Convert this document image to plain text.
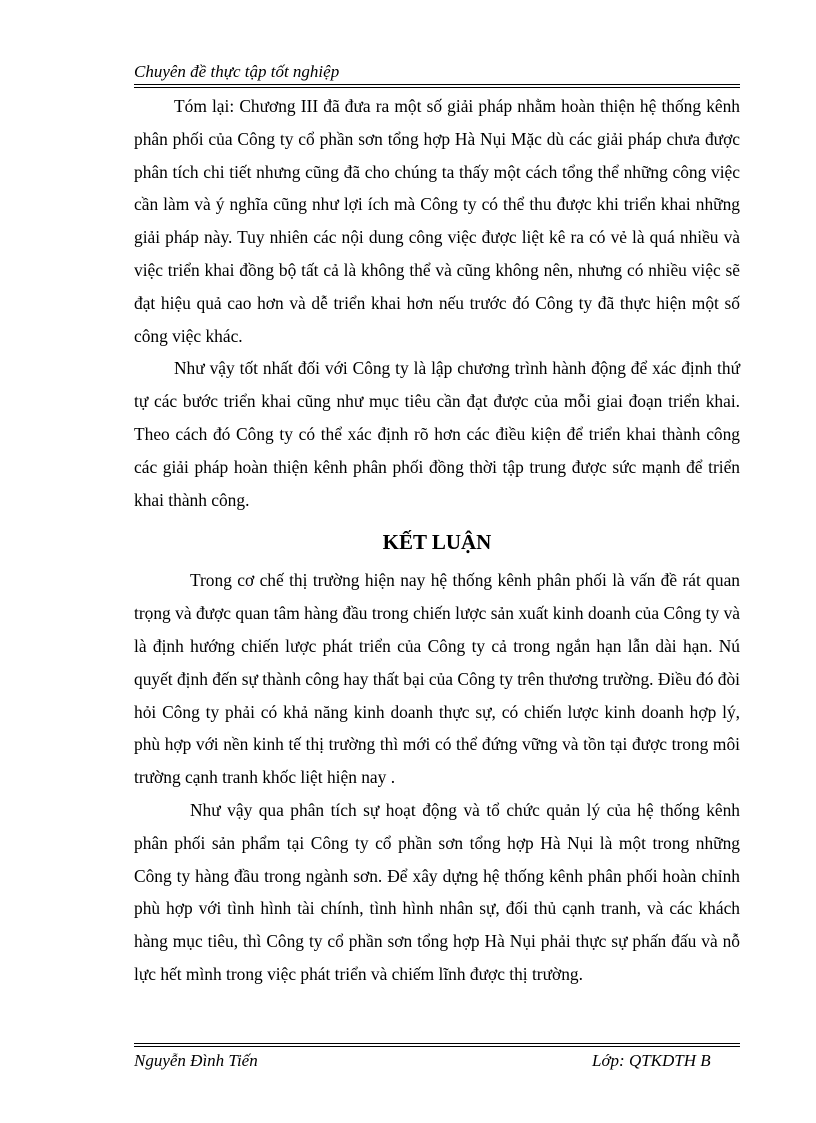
Chuyên đề thực tập tốt nghiệp

Tóm lại: Chương III đã đưa ra một số giải pháp nhằm hoàn thiện hệ thống kênh phân phối của Công ty cổ phần sơn tổng hợp Hà Nụi Mặc dù các giải pháp chưa được phân tích chi tiết nhưng cũng đã cho chúng ta thấy một cách tổng thể những công việc cần làm và ý nghĩa cũng như lợi ích mà Công ty có thể thu được khi triển khai những giải pháp này. Tuy nhiên các nội dung công việc được liệt kê ra có vẻ là quá nhiều và việc triển khai đồng bộ tất cả là không thể và cũng không nên, nhưng có nhiều việc sẽ đạt hiệu quả cao hơn và dễ triển khai hơn nếu trước đó Công ty đã thực hiện một số công việc khác.

Như vậy tốt nhất đối với Công ty là lập chương trình hành động để xác định thứ tự các bước triển khai cũng như mục tiêu cần đạt được của mỗi giai đoạn triển khai. Theo cách đó Công ty có thể xác định rõ hơn các điều kiện để triển khai thành công các giải pháp hoàn thiện kênh phân phối đồng thời tập trung được sức mạnh để triển khai thành công.

KẾT LUẬN

Trong cơ chế thị trường hiện nay hệ thống kênh phân phối là vấn đề rát quan trọng và được quan tâm hàng đầu trong chiến lược sản xuất kinh doanh của Công ty và là định hướng chiến lược phát triển của Công ty cả trong ngắn hạn lẫn dài hạn. Nú quyết định đến sự thành công hay thất bại của Công ty trên thương trường. Điều đó đòi hỏi Công ty phải có khả năng kinh doanh thực sự, có chiến lược kinh doanh hợp lý, phù hợp với nền kinh tế thị trường thì mới có thể đứng vững và tồn tại được trong môi trường cạnh tranh khốc liệt hiện nay .

Như vậy qua phân tích sự hoạt động và tổ chức quản lý của hệ thống kênh phân phối sản phẩm tại Công ty cổ phần sơn tổng hợp Hà Nụi là một trong những Công ty hàng đầu trong ngành sơn. Để xây dựng hệ thống kênh phân phối hoàn chỉnh phù hợp với tình hình tài chính, tình hình nhân sự, đối thủ cạnh tranh, và các khách hàng mục tiêu, thì Công ty cổ phần sơn tổng hợp Hà Nụi phải thực sự phấn đấu và nỗ lực hết mình trong việc phát triển và chiếm lĩnh được thị trường.

Nguyễn Đình Tiến	Lớp: QTKDTH B
